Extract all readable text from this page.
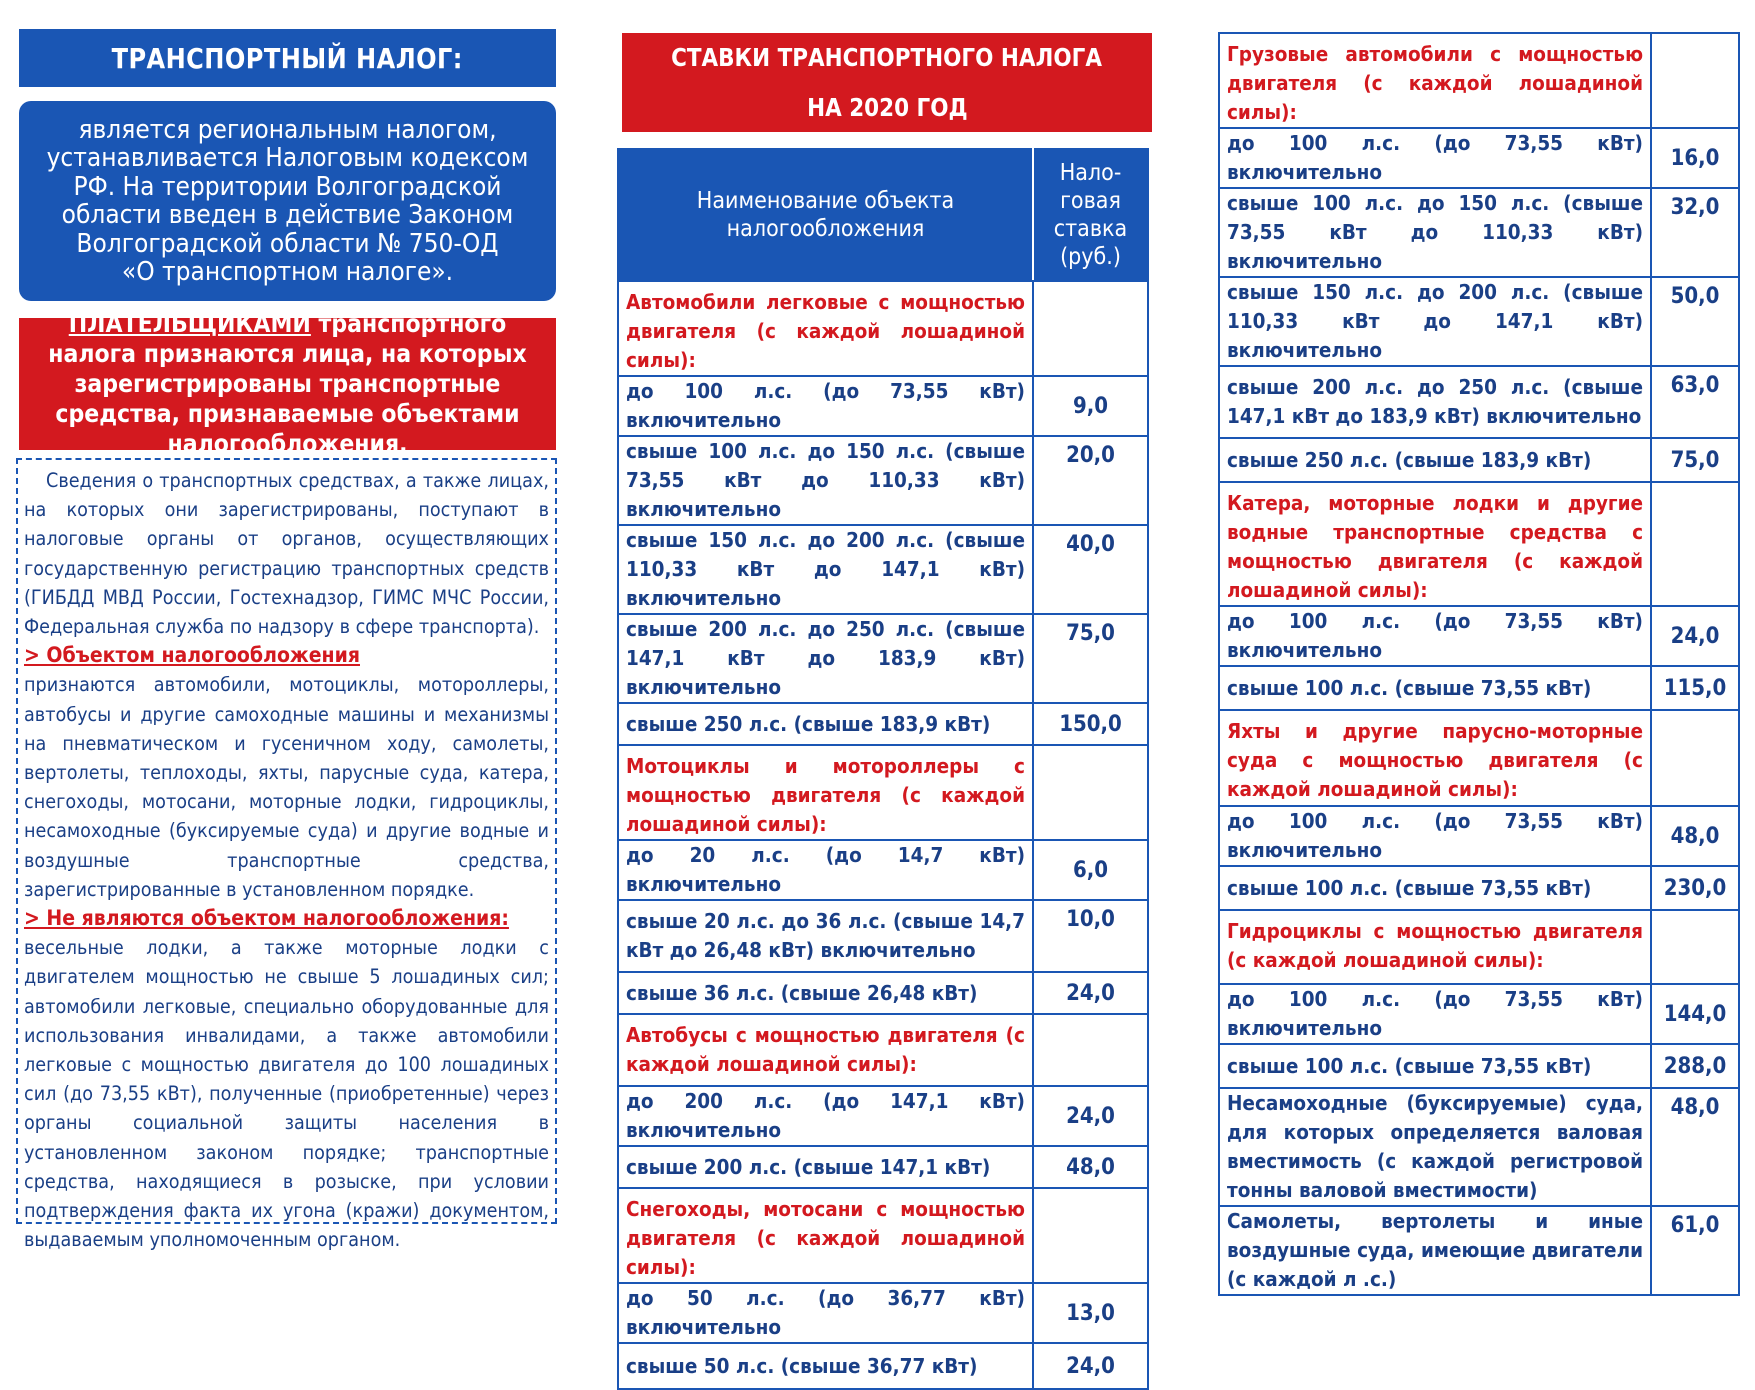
ТРАНСПОРТНЫЙ НАЛОГ:
является региональным налогом,
устанавливается Налоговым кодексом
РФ. На территории Волгоградской
области введен в действие Законом
Волгоградской области № 750-ОД
«О транспортном налоге».
ПЛАТЕЛЬЩИКАМИ транспортного налога признаются лица, на которых зарегистрированы транспортные средства, признаваемые объектами налогообложения.

Сведения о транспортных средствах, а также лицах, на которых они зарегистрированы, поступают в налоговые органы от органов, осуществляющих государственную регистрацию транспортных средств (ГИБДД МВД России, Гостехнадзор, ГИМС МЧС России, Федеральная служба по надзору в сфере транспорта).

> Объектом налогообложения

признаются автомобили, мотоциклы, мотороллеры, автобусы и другие самоходные машины и механизмы на пневматическом и гусеничном ходу, самолеты, вертолеты, теплоходы, яхты, парусные суда, катера, снегоходы, мотосани, моторные лодки, гидроциклы, несамоходные (буксируемые суда) и другие водные и воздушные транспортные средства, зарегистрированные в установленном порядке.

> Не являются объектом налогообложения:

весельные лодки, а также моторные лодки с двигателем мощностью не свыше 5 лошадиных сил; автомобили легковые, специально оборудованные для использования инвалидами, а также автомобили легковые с мощностью двигателя до 100 лошадиных сил (до 73,55 кВт), полученные (приобретенные) через органы социальной защиты населения в установленном законом порядке; транспортные средства, находящиеся в розыске, при условии подтверждения факта их угона (кражи) документом, выдаваемым уполномоченным органом.

СТАВКИ ТРАНСПОРТНОГО НАЛОГА
НА 2020 ГОД
Наименование объекта налогообложения	Нало-говая ставка (руб.)
Автомобили легковые с мощностью двигателя (с каждой лошадиной силы):	
до 100 л.с. (до 73,55 кВт) включительно	9,0
свыше 100 л.с. до 150 л.с. (свыше 73,55 кВт до 110,33 кВт) включительно	20,0
свыше 150 л.с. до 200 л.с. (свыше 110,33 кВт до 147,1 кВт) включительно	40,0
свыше 200 л.с. до 250 л.с. (свыше 147,1 кВт до 183,9 кВт) включительно	75,0
свыше 250 л.с. (свыше 183,9 кВт)	150,0
Мотоциклы и мотороллеры с мощностью двигателя (с каждой лошадиной силы):	
до 20 л.с. (до 14,7 кВт) включительно	6,0
свыше 20 л.с. до 36 л.с. (свыше 14,7 кВт до 26,48 кВт) включительно	10,0
свыше 36 л.с. (свыше 26,48 кВт)	24,0
Автобусы с мощностью двигателя (с каждой лошадиной силы):	
до 200 л.с. (до 147,1 кВт) включительно	24,0
свыше 200 л.с. (свыше 147,1 кВт)	48,0
Снегоходы, мотосани с мощностью двигателя (с каждой лошадиной силы):	
до 50 л.с. (до 36,77 кВт) включительно	13,0
свыше 50 л.с. (свыше 36,77 кВт)	24,0
Грузовые автомобили с мощностью двигателя (с каждой лошадиной силы):	
до 100 л.с. (до 73,55 кВт) включительно	16,0
свыше 100 л.с. до 150 л.с. (свыше 73,55 кВт до 110,33 кВт) включительно	32,0
свыше 150 л.с. до 200 л.с. (свыше 110,33 кВт до 147,1 кВт) включительно	50,0
свыше 200 л.с. до 250 л.с. (свыше 147,1 кВт до 183,9 кВт) включительно	63,0
свыше 250 л.с. (свыше 183,9 кВт)	75,0
Катера, моторные лодки и другие водные транспортные средства с мощностью двигателя (с каждой лошадиной силы):	
до 100 л.с. (до 73,55 кВт) включительно	24,0
свыше 100 л.с. (свыше 73,55 кВт)	115,0
Яхты и другие парусно-моторные суда с мощностью двигателя (с каждой лошадиной силы):	
до 100 л.с. (до 73,55 кВт) включительно	48,0
свыше 100 л.с. (свыше 73,55 кВт)	230,0
Гидроциклы с мощностью двигателя (с каждой лошадиной силы):	
до 100 л.с. (до 73,55 кВт) включительно	144,0
свыше 100 л.с. (свыше 73,55 кВт)	288,0
Несамоходные (буксируемые) суда, для которых определяется валовая вместимость (с каждой регистровой тонны валовой вместимости)	48,0
Самолеты, вертолеты и иные воздушные суда, имеющие двигатели (с каждой л .с.)	61,0
